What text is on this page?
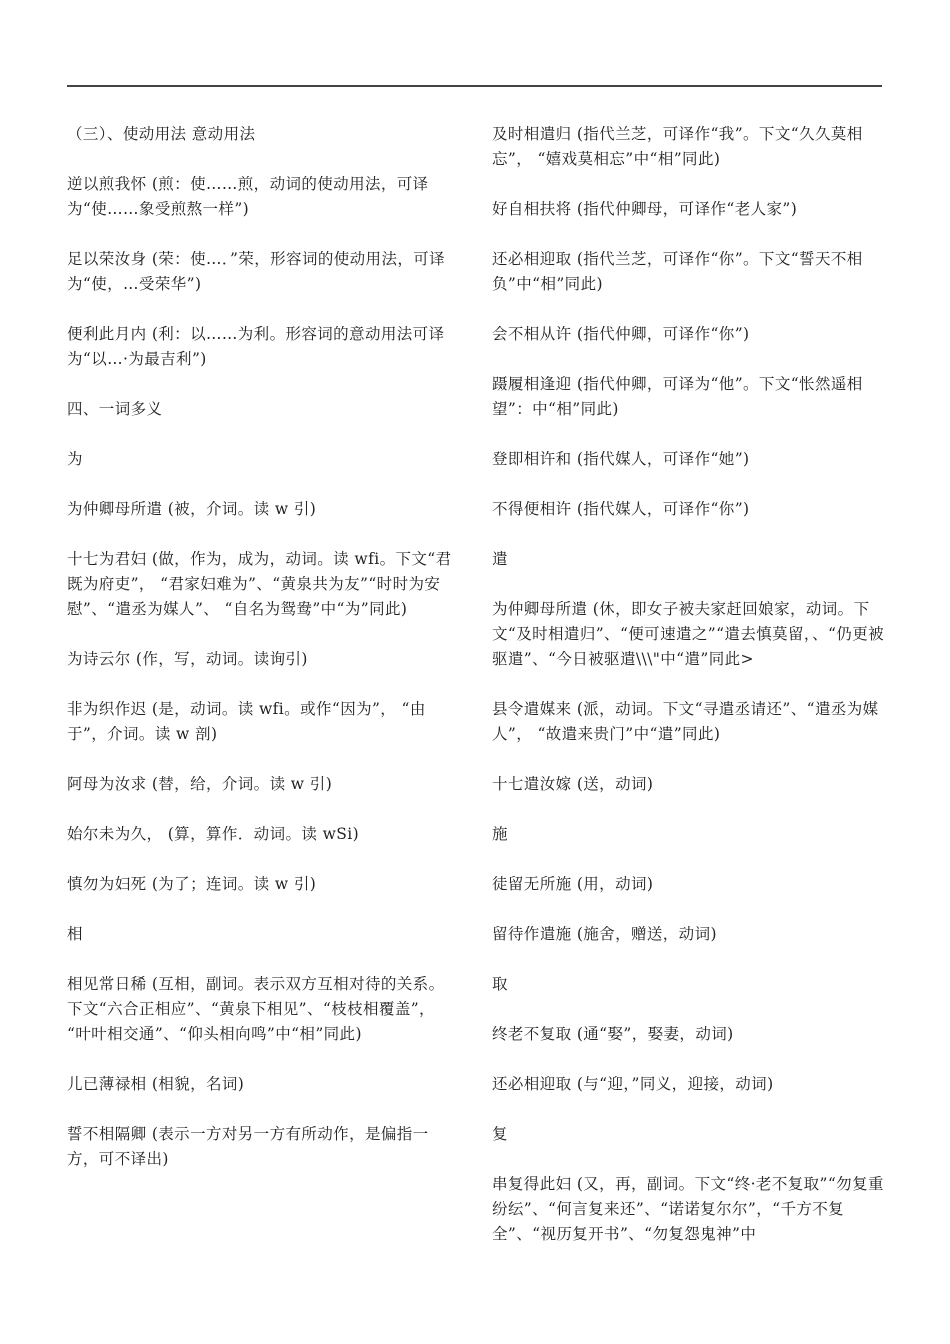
（三）、使动用法 意动用法

逆以煎我怀 (煎：使……煎，动词的使动用法，可译为“使……象受煎熬一样”)

足以荣汝身 (荣：使…．”荣，形容词的使动用法，可译为“使，…受荣华”)

便利此月内 (利：以……为利。形容词的意动用法可译为“以…·为最吉利”)

四、一词多义

为

为仲卿母所遣 (被，介词。读 w 引)

十七为君妇 (做，作为，成为，动词。读 wfi。下文“君既为府吏”， “君家妇难为”、“黄泉共为友”“时时为安慰”、“遣丞为媒人”、 “自名为鸳鸯”中“为”同此)

为诗云尔 (作，写，动词。读询引)

非为织作迟 (是，动词。读 wfi。或作“因为”， “由于”，介词。读 w 剖)

阿母为汝求 (替，给，介词。读 w 引)

始尔未为久， (算，算作．动词。读 wSi)

慎勿为妇死 (为了；连词。读 w 引)

相

相见常日稀 (互相，副词。表示双方互相对待的关系。下文“六合正相应”、“黄泉下相见”、“枝枝相覆盖”， “叶叶相交通”、“仰头相向鸣”中“相”同此)

儿已薄禄相 (相貌，名词)

誓不相隔卿 (表示一方对另一方有所动作，是偏指一方，可不译出)

及时相遣归 (指代兰芝，可译作“我”。下文“久久莫相忘”， “嬉戏莫相忘”中“相”同此)

好自相扶将 (指代仲卿母，可译作“老人家”)

还必相迎取 (指代兰芝，可译作“你”。下文“誓天不相负”中“相”同此)

会不相从许 (指代仲卿，可译作“你”)

蹑履相逢迎 (指代仲卿，可译为“他”。下文“怅然遥相望”：中“相”同此)

登即相许和 (指代媒人，可译作“她”)

不得便相许 (指代媒人，可译作“你”)

遣

为仲卿母所遣 (休，即女子被夫家赶回娘家，动词。下文“及时相遣归”、“便可速遣之”“遣去慎莫留，、“仍更被驱遣”、“今日被驱遣\\\"中“遣”同此>

县令遣媒来 (派，动词。下文“寻遣丞请还”、“遣丞为媒人”， “故遣来贵门”中“遣”同此)

十七遣汝嫁 (送，动词)

施

徒留无所施 (用，动词)

留待作遣施 (施舍，赠送，动词)

取

终老不复取 (通“娶”，娶妻，动词)

还必相迎取 (与“迎，”同义，迎接，动词)

复

串复得此妇 (又，再，副词。下文“终·老不复取”“勿复重纷纭”、“何言复来还”、“诺诺复尔尔”，“千方不复全”、“视历复开书”、“勿复怨鬼神”中
